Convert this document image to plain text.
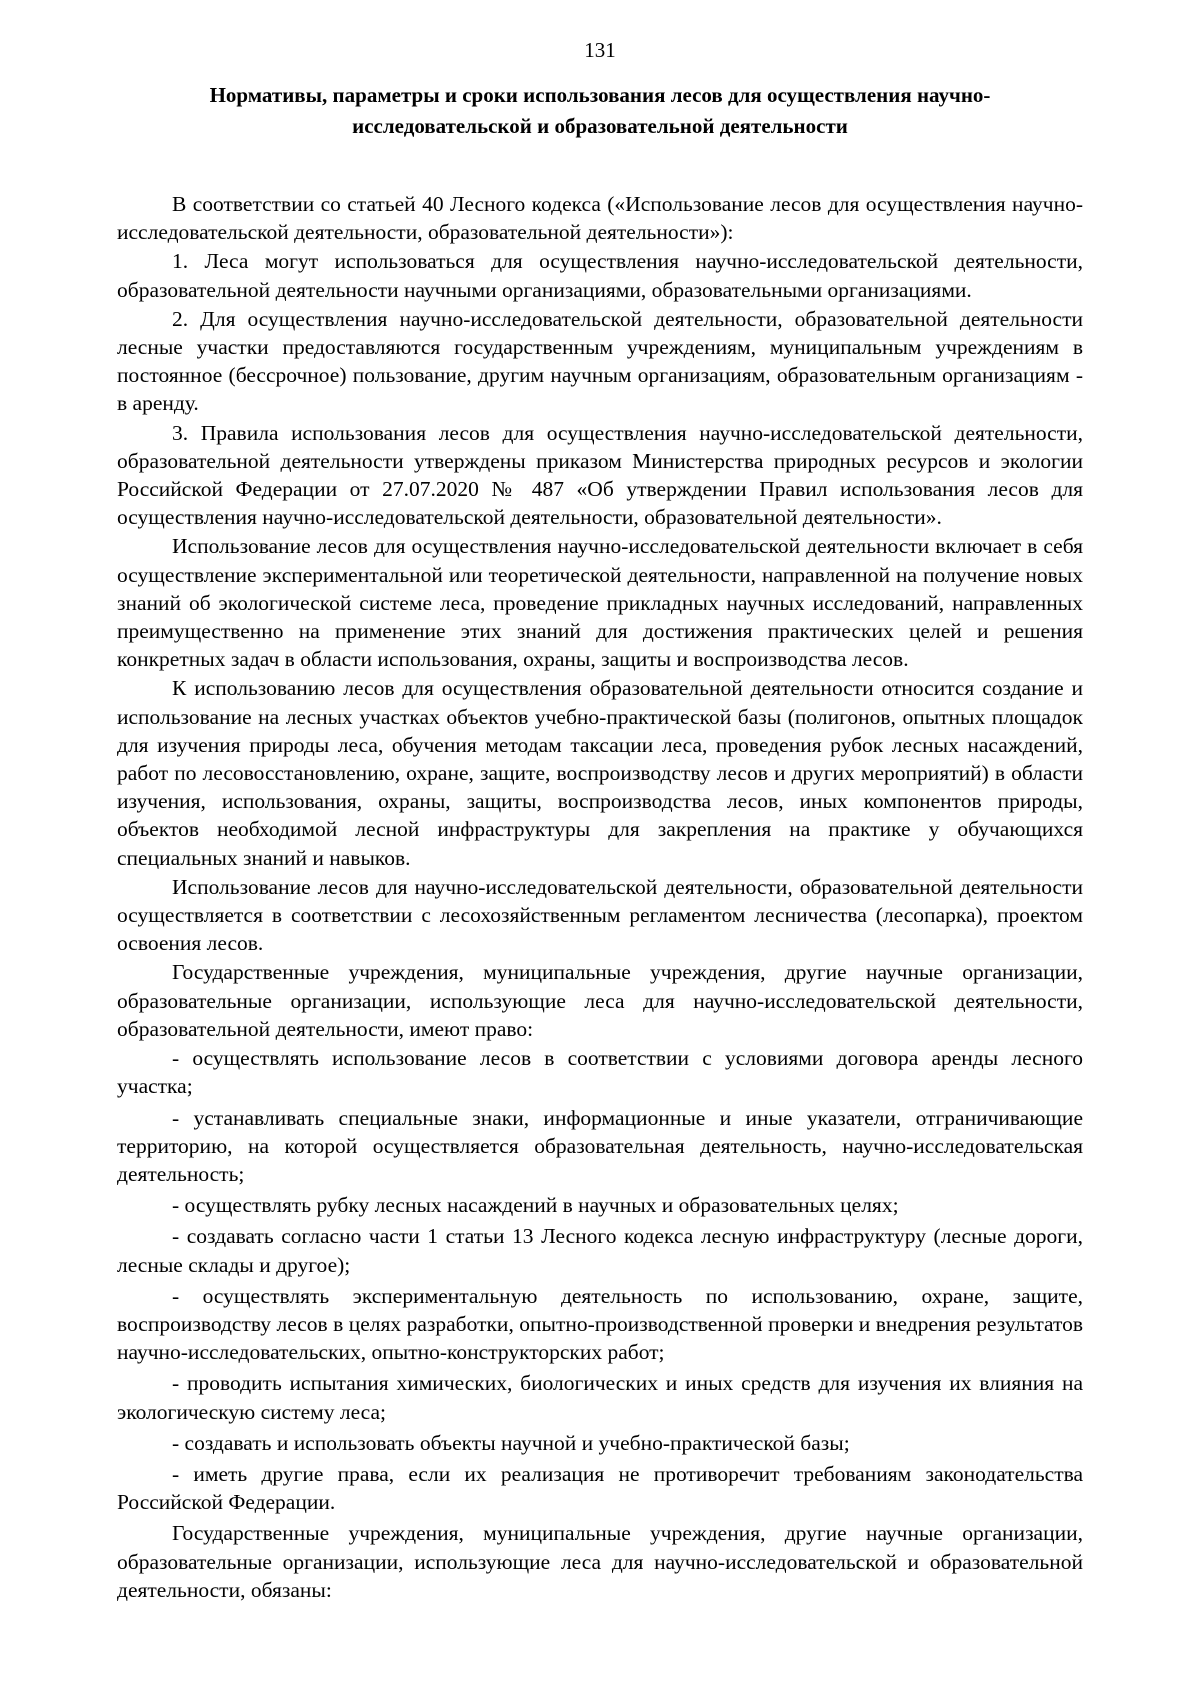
131
Нормативы, параметры и сроки использования лесов для осуществления научно-исследовательской и образовательной деятельности

В соответствии со статьей 40 Лесного кодекса («Использование лесов для осуществления научно-исследовательской деятельности, образовательной деятельности»):

1. Леса могут использоваться для осуществления научно-исследовательской деятельности, образовательной деятельности научными организациями, образовательными организациями.

2. Для осуществления научно-исследовательской деятельности, образовательной деятельности лесные участки предоставляются государственным учреждениям, муниципальным учреждениям в постоянное (бессрочное) пользование, другим научным организациям, образовательным организациям - в аренду.

3. Правила использования лесов для осуществления научно-исследовательской деятельности, образовательной деятельности утверждены приказом Министерства природных ресурсов и экологии Российской Федерации от 27.07.2020 № 487 «Об утверждении Правил использования лесов для осуществления научно-исследовательской деятельности, образовательной деятельности».

Использование лесов для осуществления научно-исследовательской деятельности включает в себя осуществление экспериментальной или теоретической деятельности, направленной на получение новых знаний об экологической системе леса, проведение прикладных научных исследований, направленных преимущественно на применение этих знаний для достижения практических целей и решения конкретных задач в области использования, охраны, защиты и воспроизводства лесов.

К использованию лесов для осуществления образовательной деятельности относится создание и использование на лесных участках объектов учебно-практической базы (полигонов, опытных площадок для изучения природы леса, обучения методам таксации леса, проведения рубок лесных насаждений, работ по лесовосстановлению, охране, защите, воспроизводству лесов и других мероприятий) в области изучения, использования, охраны, защиты, воспроизводства лесов, иных компонентов природы, объектов необходимой лесной инфраструктуры для закрепления на практике у обучающихся специальных знаний и навыков.

Использование лесов для научно-исследовательской деятельности, образовательной деятельности осуществляется в соответствии с лесохозяйственным регламентом лесничества (лесопарка), проектом освоения лесов.

Государственные учреждения, муниципальные учреждения, другие научные организации, образовательные организации, использующие леса для научно-исследовательской деятельности, образовательной деятельности, имеют право:

- осуществлять использование лесов в соответствии с условиями договора аренды лесного участка;

- устанавливать специальные знаки, информационные и иные указатели, отграничивающие территорию, на которой осуществляется образовательная деятельность, научно-исследовательская деятельность;

- осуществлять рубку лесных насаждений в научных и образовательных целях;

- создавать согласно части 1 статьи 13 Лесного кодекса лесную инфраструктуру (лесные дороги, лесные склады и другое);

- осуществлять экспериментальную деятельность по использованию, охране, защите, воспроизводству лесов в целях разработки, опытно-производственной проверки и внедрения результатов научно-исследовательских, опытно-конструкторских работ;

- проводить испытания химических, биологических и иных средств для изучения их влияния на экологическую систему леса;

- создавать и использовать объекты научной и учебно-практической базы;

- иметь другие права, если их реализация не противоречит требованиям законодательства Российской Федерации.

Государственные учреждения, муниципальные учреждения, другие научные организации, образовательные организации, использующие леса для научно-исследовательской и образовательной деятельности, обязаны:
